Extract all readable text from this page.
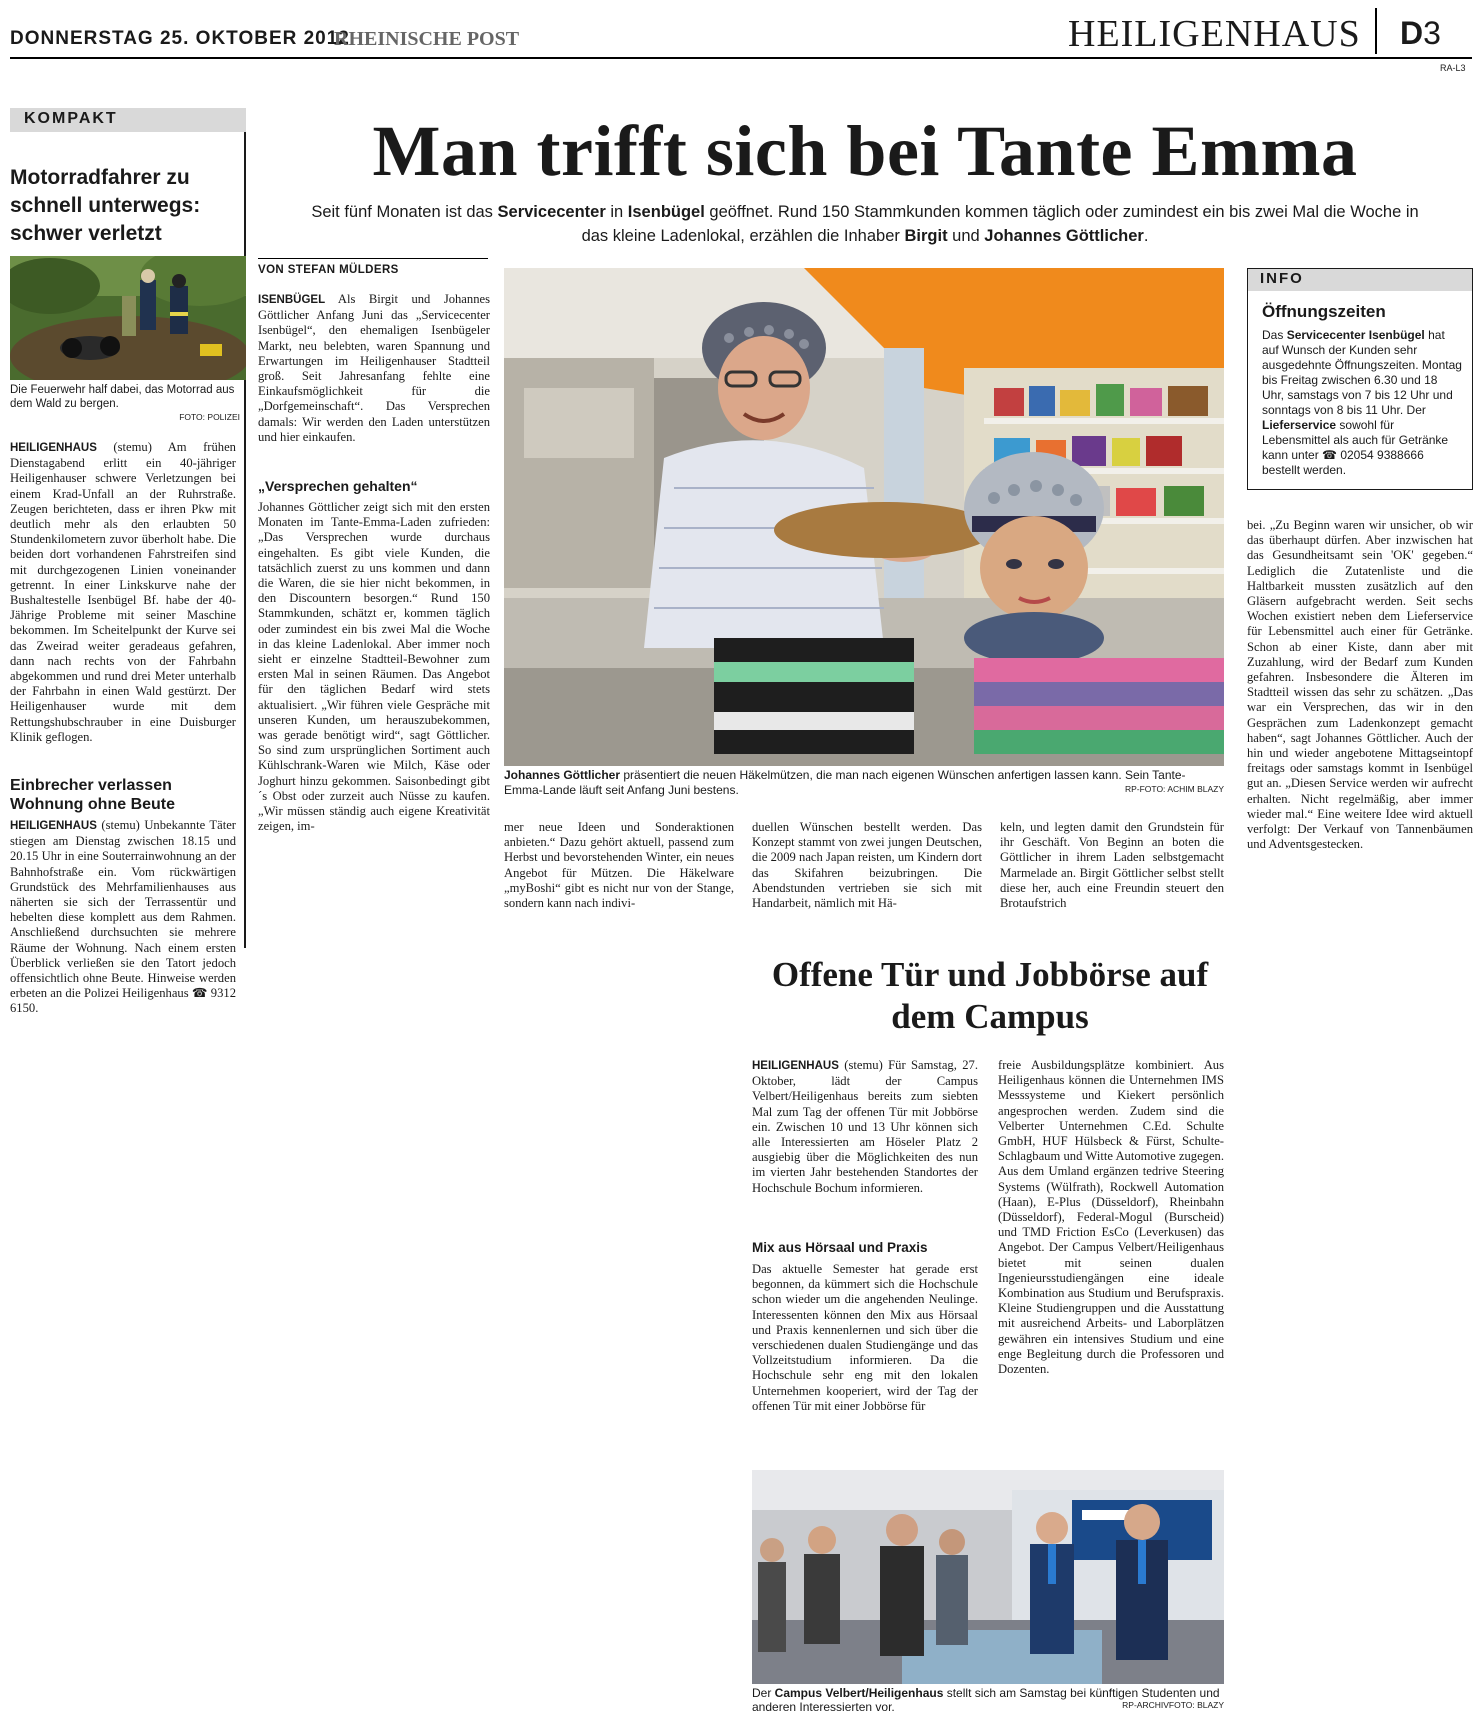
DONNERSTAG 25. OKTOBER 2012
RHEINISCHE POST	HEILIGENHAUS D3
RA-L3
KOMPAKT
Motorradfahrer zu schnell unterwegs: schwer verletzt
Die Feuerwehr half dabei, das Motorrad aus dem Wald zu bergen.
FOTO: POLIZEI
HEILIGENHAUS (stemu) Am frühen Dienstagabend erlitt ein 40-jähriger Heiligenhauser schwere Verletzungen bei einem Krad-Unfall an der Ruhrstraße. Zeugen berichteten, dass er ihren Pkw mit deutlich mehr als den erlaubten 50 Stundenkilometern zuvor überholt habe. Die beiden dort vorhandenen Fahrstreifen sind mit durchgezogenen Linien voneinander getrennt. In einer Linkskurve nahe der Bushaltestelle Isenbügel Bf. habe der 40-Jährige Probleme mit seiner Maschine bekommen. Im Scheitelpunkt der Kurve sei das Zweirad weiter geradeaus gefahren, dann nach rechts von der Fahrbahn abgekommen und rund drei Meter unterhalb der Fahrbahn in einen Wald gestürzt. Der Heiligenhauser wurde mit dem Rettungshubschrauber in eine Duisburger Klinik geflogen.
Einbrecher verlassen Wohnung ohne Beute
HEILIGENHAUS (stemu) Unbekannte Täter stiegen am Dienstag zwischen 18.15 und 20.15 Uhr in eine Souterrainwohnung an der Bahnhofstraße ein. Vom rückwärtigen Grundstück des Mehrfamilienhauses aus näherten sie sich der Terrassentür und hebelten diese komplett aus dem Rahmen. Anschließend durchsuchten sie mehrere Räume der Wohnung. Nach einem ersten Überblick verließen sie den Tatort jedoch offensichtlich ohne Beute. Hinweise werden erbeten an die Polizei Heiligenhaus ☎ 9312 6150.
Man trifft sich bei Tante Emma
Seit fünf Monaten ist das Servicecenter in Isenbügel geöffnet. Rund 150 Stammkunden kommen täglich oder zumindest ein bis zwei Mal die Woche in das kleine Ladenlokal, erzählen die Inhaber Birgit und Johannes Göttlicher.
VON STEFAN MÜLDERS
ISENBÜGEL Als Birgit und Johannes Göttlicher Anfang Juni das „Servicecenter Isenbügel“, den ehemaligen Isenbügeler Markt, neu belebten, waren Spannung und Erwartungen im Heiligenhauser Stadtteil groß. Seit Jahresanfang fehlte eine Einkaufsmöglichkeit für die „Dorfgemeinschaft“. Das Versprechen damals: Wir werden den Laden unterstützen und hier einkaufen.
„Versprechen gehalten“
Johannes Göttlicher zeigt sich mit den ersten Monaten im Tante-Emma-Laden zufrieden: „Das Versprechen wurde durchaus eingehalten. Es gibt viele Kunden, die tatsächlich zuerst zu uns kommen und dann die Waren, die sie hier nicht bekommen, in den Discountern besorgen.“ Rund 150 Stammkunden, schätzt er, kommen täglich oder zumindest ein bis zwei Mal die Woche in das kleine Ladenlokal. Aber immer noch sieht er einzelne Stadtteil-Bewohner zum ersten Mal in seinen Räumen. Das Angebot für den täglichen Bedarf wird stets aktualisiert. „Wir führen viele Gespräche mit unseren Kunden, um herauszubekommen, was gerade benötigt wird“, sagt Göttlicher. So sind zum ursprünglichen Sortiment auch Kühlschrank-Waren wie Milch, Käse oder Joghurt hinzu gekommen. Saisonbedingt gibt´s Obst oder zurzeit auch Nüsse zu kaufen. „Wir müssen ständig auch eigene Kreativität zeigen, im-
Johannes Göttlicher präsentiert die neuen Häkelmützen, die man nach eigenen Wünschen anfertigen lassen kann. Sein Tante-Emma-Lande läuft seit Anfang Juni bestens.	RP-FOTO: ACHIM BLAZY
mer neue Ideen und Sonderaktionen anbieten.“ Dazu gehört aktuell, passend zum Herbst und bevorstehenden Winter, ein neues Angebot für Mützen. Die Häkelware „myBoshi“ gibt es nicht nur von der Stange, sondern kann nach indivi-
duellen Wünschen bestellt werden. Das Konzept stammt von zwei jungen Deutschen, die 2009 nach Japan reisten, um Kindern dort das Skifahren beizubringen. Die Abendstunden vertrieben sie sich mit Handarbeit, nämlich mit Hä-
keln, und legten damit den Grundstein für ihr Geschäft. Von Beginn an boten die Göttlicher in ihrem Laden selbstgemacht Marmelade an. Birgit Göttlicher selbst stellt diese her, auch eine Freundin steuert den Brotaufstrich
INFO
Öffnungszeiten
Das Servicecenter Isenbügel hat auf Wunsch der Kunden sehr ausgedehnte Öffnungszeiten. Montag bis Freitag zwischen 6.30 und 18 Uhr, samstags von 7 bis 12 Uhr und sonntags von 8 bis 11 Uhr. Der Lieferservice sowohl für Lebensmittel als auch für Getränke kann unter ☎ 02054 9388666 bestellt werden.
bei. „Zu Beginn waren wir unsicher, ob wir das überhaupt dürfen. Aber inzwischen hat das Gesundheitsamt sein 'OK' gegeben.“ Lediglich die Zutatenliste und die Haltbarkeit mussten zusätzlich auf den Gläsern aufgebracht werden. Seit sechs Wochen existiert neben dem Lieferservice für Lebensmittel auch einer für Getränke. Schon ab einer Kiste, dann aber mit Zuzahlung, wird der Bedarf zum Kunden gefahren. Insbesondere die Älteren im Stadtteil wissen das sehr zu schätzen. „Das war ein Versprechen, das wir in den Gesprächen zum Ladenkonzept gemacht haben“, sagt Johannes Göttlicher. Auch der hin und wieder angebotene Mittagseintopf freitags oder samstags kommt in Isenbügel gut an. „Diesen Service werden wir aufrecht erhalten. Nicht regelmäßig, aber immer wieder mal.“ Eine weitere Idee wird aktuell verfolgt: Der Verkauf von Tannenbäumen und Adventsgestecken.
Offene Tür und Jobbörse auf dem Campus
HEILIGENHAUS (stemu) Für Samstag, 27. Oktober, lädt der Campus Velbert/Heiligenhaus bereits zum siebten Mal zum Tag der offenen Tür mit Jobbörse ein. Zwischen 10 und 13 Uhr können sich alle Interessierten am Höseler Platz 2 ausgiebig über die Möglichkeiten des nun im vierten Jahr bestehenden Standortes der Hochschule Bochum informieren.
Mix aus Hörsaal und Praxis
Das aktuelle Semester hat gerade erst begonnen, da kümmert sich die Hochschule schon wieder um die angehenden Neulinge. Interessenten können den Mix aus Hörsaal und Praxis kennenlernen und sich über die verschiedenen dualen Studiengänge und das Vollzeitstudium informieren. Da die Hochschule sehr eng mit den lokalen Unternehmen kooperiert, wird der Tag der offenen Tür mit einer Jobbörse für
freie Ausbildungsplätze kombiniert. Aus Heiligenhaus können die Unternehmen IMS Messsysteme und Kiekert persönlich angesprochen werden. Zudem sind die Velberter Unternehmen C.Ed. Schulte GmbH, HUF Hülsbeck & Fürst, Schulte-Schlagbaum und Witte Automotive zugegen. Aus dem Umland ergänzen tedrive Steering Systems (Wülfrath), Rockwell Automation (Haan), E-Plus (Düsseldorf), Rheinbahn (Düsseldorf), Federal-Mogul (Burscheid) und TMD Friction EsCo (Leverkusen) das Angebot. Der Campus Velbert/Heiligenhaus bietet mit seinen dualen Ingenieursstudiengängen eine ideale Kombination aus Studium und Berufspraxis. Kleine Studiengruppen und die Ausstattung mit ausreichend Arbeits- und Laborplätzen gewähren ein intensives Studium und eine enge Begleitung durch die Professoren und Dozenten.
Der Campus Velbert/Heiligenhaus stellt sich am Samstag bei künftigen Studenten und anderen Interessierten vor.	RP-ARCHIVFOTO: BLAZY
